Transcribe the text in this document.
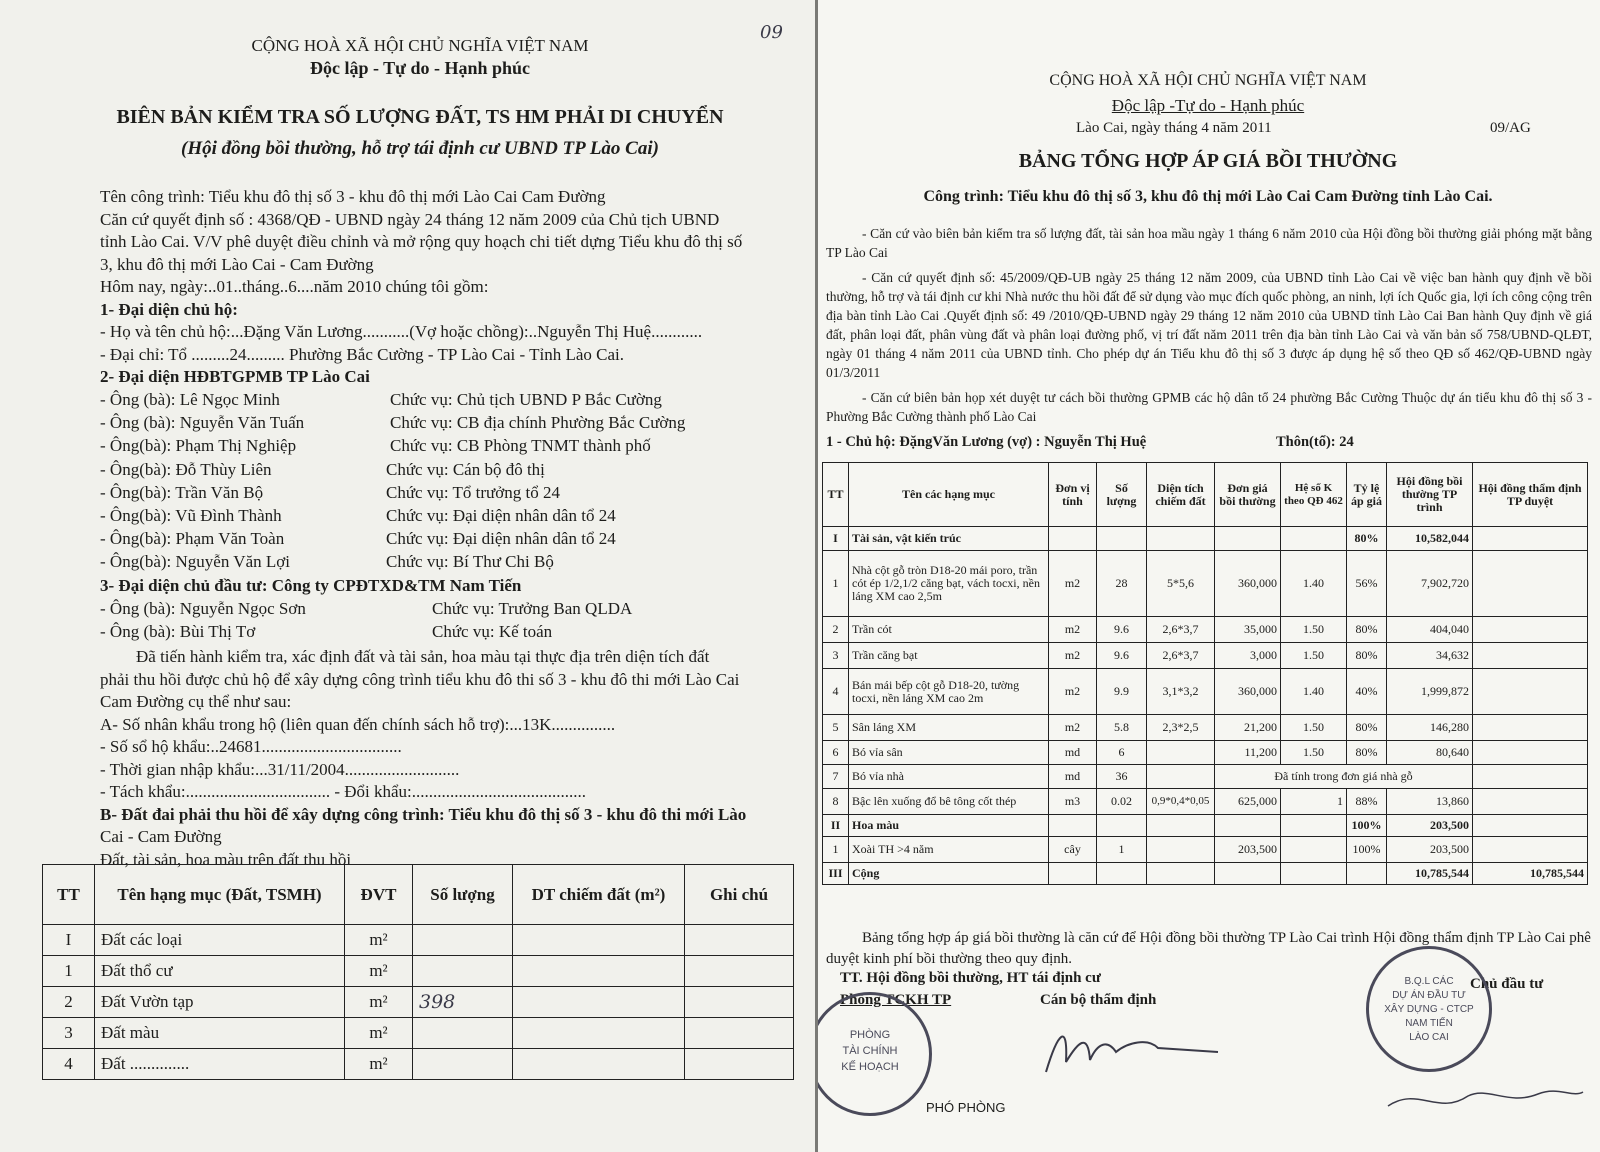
09
CỘNG HOÀ XÃ HỘI CHỦ NGHĨA VIỆT NAM
Độc lập - Tự do - Hạnh phúc
BIÊN BẢN KIỂM TRA SỐ LƯỢNG ĐẤT, TS HM PHẢI DI CHUYỂN
(Hội đồng bồi thường, hỗ trợ tái định cư UBND TP Lào Cai)
Tên công trình: Tiểu khu đô thị số 3 - khu đô thị mới Lào Cai Cam Đường
Căn cứ quyết định số : 4368/QĐ - UBND ngày 24 tháng 12 năm 2009 của Chủ tịch UBND
tỉnh Lào Cai. V/V phê duyệt điều chỉnh và mở rộng quy hoạch chi tiết dựng Tiểu khu đô thị số
3, khu đô thị mới Lào Cai - Cam Đường
Hôm nay, ngày:..01..tháng..6....năm 2010 chúng tôi gồm:
1- Đại diện chủ hộ:
- Họ và tên chủ hộ:...Đặng Văn Lương...........(Vợ hoặc chồng):..Nguyễn Thị Huệ............
- Đại chỉ: Tổ .........24......... Phường Bắc Cường - TP Lào Cai - Tỉnh Lào Cai.
2- Đại diện HĐBTGPMB TP Lào Cai
- Ông (bà): Lê Ngọc Minh	Chức vụ: Chủ tịch UBND P Bắc Cường
- Ông (bà): Nguyễn Văn Tuấn	Chức vụ: CB địa chính Phường Bắc Cường
- Ông(bà): Phạm Thị Nghiệp	Chức vụ: CB Phòng TNMT thành phố
- Ông(bà): Đỗ Thùy Liên	Chức vụ: Cán bộ đô thị
- Ông(bà): Trần Văn Bộ	Chức vụ: Tổ trưởng tổ 24
- Ông(bà): Vũ Đình Thành	Chức vụ: Đại diện nhân dân tổ 24
- Ông(bà): Phạm Văn Toàn	Chức vụ: Đại diện nhân dân tổ 24
- Ông(bà): Nguyễn Văn Lợi	Chức vụ: Bí Thư Chi Bộ
3- Đại diện chủ đầu tư: Công ty CPĐTXD&TM Nam Tiến
- Ông (bà): Nguyễn Ngọc Sơn	Chức vụ: Trưởng Ban QLDA
- Ông (bà): Bùi Thị Tơ	Chức vụ: Kế toán
Đã tiến hành kiểm tra, xác định đất và tài sản, hoa màu tại thực địa trên diện tích đất
phải thu hồi được chủ hộ để xây dựng công trình tiểu khu đô thi số 3 - khu đô thi mới Lào Cai
Cam Đường cụ thể như sau:
A- Số nhân khẩu trong hộ (liên quan đến chính sách hỗ trợ):...13K...............
- Số sổ hộ khẩu:..24681.................................
- Thời gian nhập khẩu:...31/11/2004...........................
- Tách khẩu:.................................. - Đổi khẩu:.........................................
B- Đất đai phải thu hồi để xây dựng công trình: Tiểu khu đô thị số 3 - khu đô thi mới Lào
Cai - Cam Đường
Đất, tài sản, hoa màu trên đất thu hồi
TT	Tên hạng mục (Đất, TSMH)	ĐVT	Số lượng	DT chiếm đất (m²)	Ghi chú
I	Đất các loại	m²			
1	Đất thổ cư	m²			
2	Đất Vườn tạp	m²	398		
3	Đất màu	m²			
4	Đất ..............	m²			
CỘNG HOÀ XÃ HỘI CHỦ NGHĨA VIỆT NAM
Độc lập -Tự do - Hạnh phúc
Lào Cai, ngày tháng 4 năm 2011	09/AG
BẢNG TỔNG HỢP ÁP GIÁ BỒI THƯỜNG
Công trình: Tiểu khu đô thị số 3, khu đô thị mới Lào Cai Cam Đường tỉnh Lào Cai.
- Căn cứ vào biên bản kiểm tra số lượng đất, tài sản hoa mầu ngày 1 tháng 6 năm 2010 của Hội đồng bồi thường giải phóng mặt bằng TP Lào Cai
- Căn cứ quyết định số: 45/2009/QĐ-UB ngày 25 tháng 12 năm 2009, của UBND tỉnh Lào Cai về việc ban hành quy định về bồi thường, hỗ trợ và tái định cư khi Nhà nước thu hồi đất để sử dụng vào mục đích quốc phòng, an ninh, lợi ích Quốc gia, lợi ích công cộng trên địa bàn tỉnh Lào Cai .Quyết định số: 49 /2010/QĐ-UBND ngày 29 tháng 12 năm 2010 của UBND tỉnh Lào Cai Ban hành Quy định về giá đất, phân loại đất, phân vùng đất và phân loại đường phố, vị trí đất năm 2011 trên địa bàn tỉnh Lào Cai và văn bản số 758/UBND-QLĐT, ngày 01 tháng 4 năm 2011 của UBND tỉnh. Cho phép dự án Tiểu khu đô thị số 3 được áp dụng hệ số theo QĐ số 462/QĐ-UBND ngày 01/3/2011
- Căn cứ biên bản họp xét duyệt tư cách bồi thường GPMB các hộ dân tổ 24 phường Bắc Cường Thuộc dự án tiểu khu đô thị số 3 - Phường Bắc Cường thành phố Lào Cai
1 - Chủ hộ: ĐặngVăn Lương (vợ) : Nguyễn Thị Huệ	Thôn(tổ): 24
TT	Tên các hạng mục	Đơn vị tính	Số lượng	Diện tích chiếm đất	Đơn giá bồi thường	Hệ số K theo QĐ 462	Tỷ lệ áp giá	Hội đồng bồi thường TP trình	Hội đồng thẩm định TP duyệt
I	Tài sản, vật kiến trúc						80%	10,582,044	
1	Nhà cột gỗ tròn D18-20 mái poro, trần cót ép 1/2,1/2 căng bạt, vách tocxi, nền láng XM cao 2,5m	m2	28	5*5,6	360,000	1.40	56%	7,902,720	
2	Trần cót	m2	9.6	2,6*3,7	35,000	1.50	80%	404,040	
3	Trần căng bạt	m2	9.6	2,6*3,7	3,000	1.50	80%	34,632	
4	Bán mái bếp cột gỗ D18-20, tường tocxi, nền láng XM cao 2m	m2	9.9	3,1*3,2	360,000	1.40	40%	1,999,872	
5	Sân láng XM	m2	5.8	2,3*2,5	21,200	1.50	80%	146,280	
6	Bó vỉa sân	md	6		11,200	1.50	80%	80,640	
7	Bó vỉa nhà	md	36		Đã tính trong đơn giá nhà gỗ				
8	Bậc lên xuống đổ bê tông cốt thép	m3	0.02	0,9*0,4*0,05	625,000	1	88%	13,860	
II	Hoa màu						100%	203,500	
1	Xoài TH >4 năm	cây	1		203,500		100%	203,500	
III	Cộng							10,785,544	10,785,544
Bảng tổng hợp áp giá bồi thường là căn cứ để Hội đồng bồi thường TP Lào Cai trình Hội đồng thẩm định TP Lào Cai phê duyệt kinh phí bồi thường theo quy định.
TT. Hội đồng bồi thường, HT tái định cư
Phòng TCKH TP	Cán bộ thẩm định
Chủ đầu tư
PHÓ PHÒNG
PHÒNG
TÀI CHÍNH
KẾ HOẠCH
B.Q.L CÁC
DỰ ÁN ĐẦU TƯ
XÂY DỰNG - CTCP
NAM TIẾN
LÀO CAI
